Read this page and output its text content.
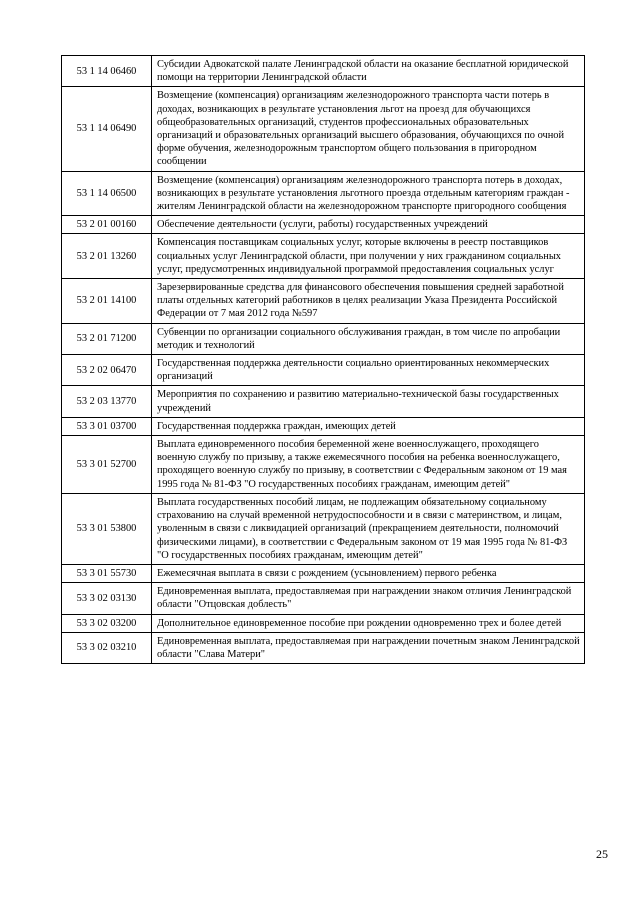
53 1 14 06460	Субсидии Адвокатской палате Ленинградской области на оказание бесплатной юридической помощи на территории Ленинградской области
53 1 14 06490	Возмещение (компенсация) организациям железнодорожного транспорта части потерь в доходах, возникающих в результате установления льгот на проезд для обучающихся общеобразовательных организаций, студентов профессиональных образовательных организаций и образовательных организаций высшего образования, обучающихся по очной форме обучения, железнодорожным транспортом общего пользования в пригородном сообщении
53 1 14 06500	Возмещение (компенсация) организациям железнодорожного транспорта потерь в доходах, возникающих в результате установления льготного проезда отдельным категориям граждан - жителям Ленинградской области на железнодорожном транспорте пригородного сообщения
53 2 01 00160	Обеспечение деятельности (услуги, работы) государственных учреждений
53 2 01 13260	Компенсация поставщикам социальных услуг, которые включены в реестр поставщиков социальных услуг Ленинградской области, при получении у них гражданином социальных услуг, предусмотренных индивидуальной программой предоставления социальных услуг
53 2 01 14100	Зарезервированные средства для финансового обеспечения повышения средней заработной платы отдельных категорий работников в целях реализации Указа Президента Российской Федерации от 7 мая 2012 года №597
53 2 01 71200	Субвенции по организации социального обслуживания граждан, в том числе по апробации методик и технологий
53 2 02 06470	Государственная поддержка деятельности социально ориентированных некоммерческих организаций
53 2 03 13770	Мероприятия по сохранению и развитию материально-технической базы государственных учреждений
53 3 01 03700	Государственная поддержка граждан, имеющих детей
53 3 01 52700	Выплата единовременного пособия беременной жене военнослужащего, проходящего военную службу по призыву, а также ежемесячного пособия на ребенка военнослужащего, проходящего военную службу по призыву, в соответствии с Федеральным законом от 19 мая 1995 года № 81-ФЗ "О государственных пособиях гражданам, имеющим детей"
53 3 01 53800	Выплата государственных пособий лицам, не подлежащим обязательному социальному страхованию на случай временной нетрудоспособности и в связи с материнством, и лицам, уволенным в связи с ликвидацией организаций (прекращением деятельности, полномочий физическими лицами), в соответствии с Федеральным законом от 19 мая 1995 года № 81-ФЗ "О государственных пособиях гражданам, имеющим детей"
53 3 01 55730	Ежемесячная выплата в связи с рождением (усыновлением) первого ребенка
53 3 02 03130	Единовременная выплата, предоставляемая при награждении знаком отличия Ленинградской области "Отцовская доблесть"
53 3 02 03200	Дополнительное единовременное пособие при рождении одновременно трех и более детей
53 3 02 03210	Единовременная выплата, предоставляемая при награждении почетным знаком Ленинградской области "Слава Матери"
25
